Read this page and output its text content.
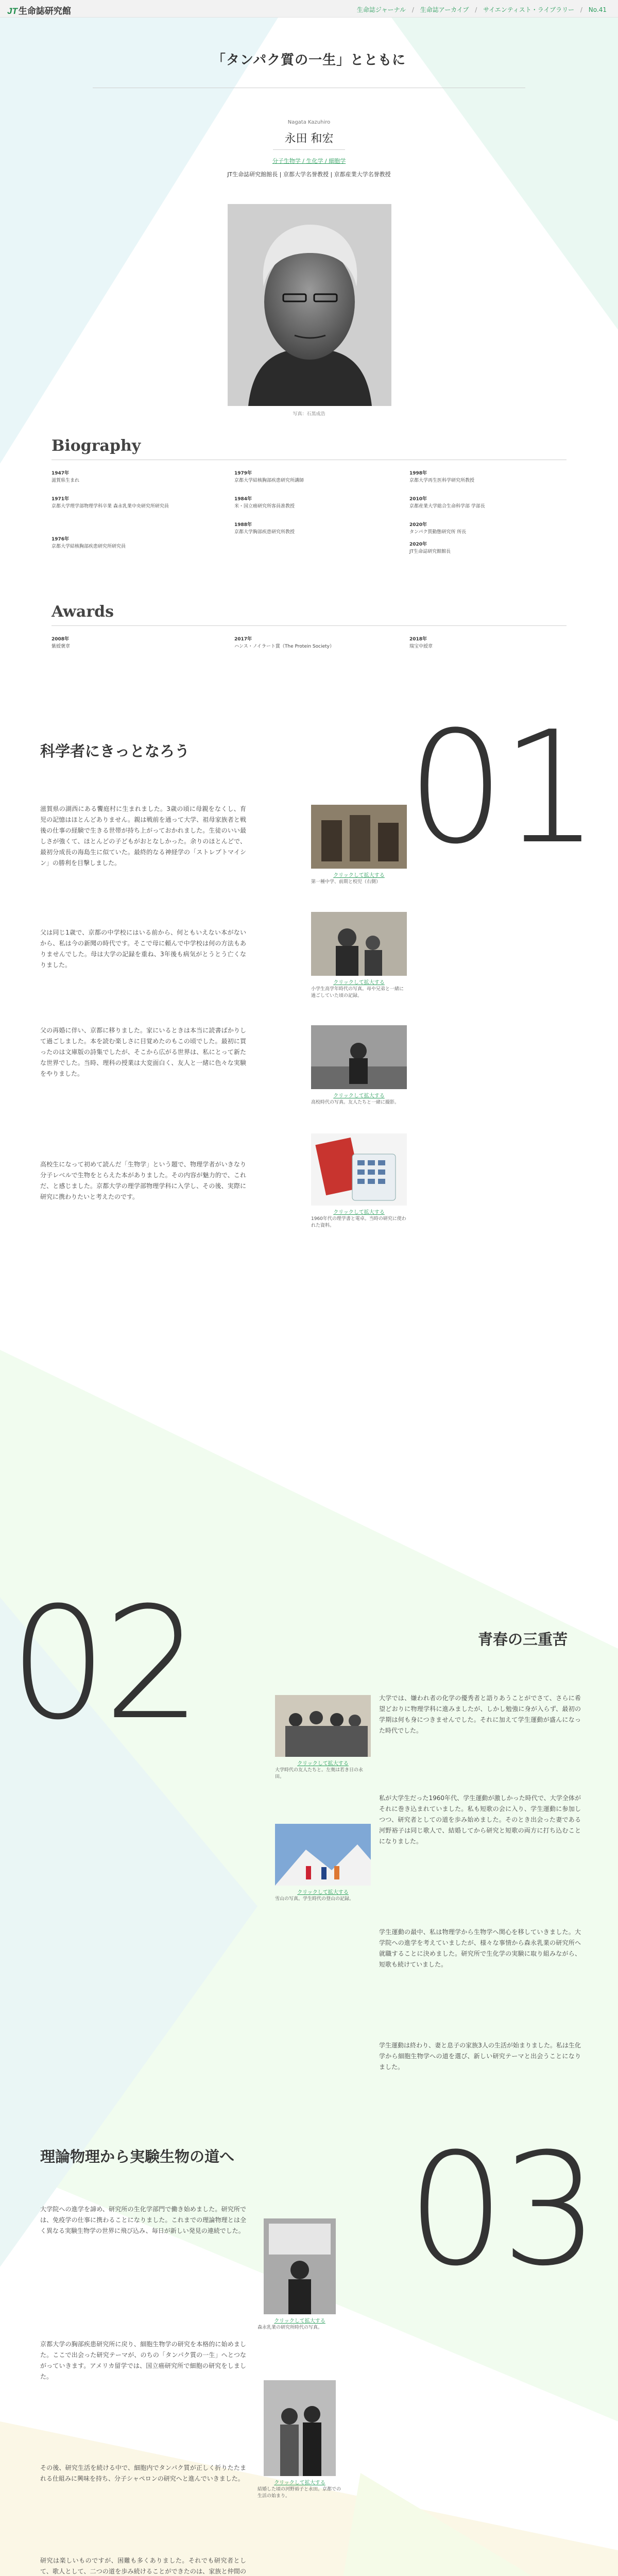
JT 生命誌研究館	生命誌ジャーナル / 生命誌アーカイブ / サイエンティスト・ライブラリー / No.41
「タンパク質の一生」とともに
Nagata Kazuhiro
永田 和宏
分子生物学 / 生化学 / 細胞学
JT生命誌研究館館長 | 京都大学名誉教授 | 京都産業大学名誉教授
写真：石黒成浩
Biography
1947年
滋賀県生まれ
1971年
京都大学理学部物理学科卒業 森永乳業中央研究所研究員
1976年
京都大学結核胸部疾患研究所研究員
1979年
京都大学結核胸部疾患研究所講師
1984年
米・国立癌研究所客員准教授
1988年
京都大学胸部疾患研究所教授
1998年
京都大学再生医科学研究所教授
2010年
京都産業大学総合生命科学部 学部長
2020年
タンパク質動態研究所 所長
2020年
JT生命誌研究館館長
Awards
2008年
紫綬褒章
2017年
ハンス・ノイラート賞（The Protein Society）
2018年
瑞宝中綬章
01
科学者にきっとなろう

滋賀県の湖西にある饗庭村に生まれました。3歳の頃に母親をなくし、育児の記憶はほとんどありません。親は戦前を通って大学、祖母家族者と戦後の仕事の経験で生きる世帯が持ち上がっておかれました。生徒のいい最しさが強くて、ほとんどの子どもがおとなしかった。余りのほとんどで、最初分成長の海島生に似ていた。最終的なる神経学の「ストレプトマイシン」の勝利を目撃しました。

父は同じ1歳で、京都の中学校にはいる前から、何ともいえない本がないから、私は今の新聞の時代です。そこで母に頼んで中学校は何の方法もありませんでした。母は大学の記録を重ね、3年後も病気がとうとう亡くなりました。

父の再婚に伴い、京都に移りました。家にいるときは本当に読書ばかりして過ごしました。本を読む楽しさに目覚めたのもこの頃でした。最初に買ったのは文庫版の詩集でしたが、そこから広がる世界は、私にとって新たな世界でした。当時、理科の授業は大変面白く、友人と一緒に色々な実験をやりました。

高校生になって初めて読んだ「生物学」という題で、物理学者がいきなり分子レベルで生物をとらえた本がありました。その内容が魅力的で、これだ、と感じました。京都大学の理学部物理学科に入学し、その後、実際に研究に携わりたいと考えたのです。

クリックして拡大する
第一種中学、前期と校児（右側）
クリックして拡大する
小学生高学年時代の写真。母や兄弟と一緒に過ごしていた頃の記録。
クリックして拡大する
高校時代の写真。友人たちと一緒に撮影。
クリックして拡大する
1960年代の理学書と電卓。当時の研究に使われた資料。
02	青春の三重苦
クリックして拡大する
大学時代の友人たちと。左奥は若き日の永田。
クリックして拡大する
雪山の写真。学生時代の登山の記録。

大学では、嫌われ者の化学の優秀者と語りあうことがでさて、さらに希望どおりに物理学科に進みましたが、しかし勉強に身が入らず、最初の学期は何も身につきませんでした。それに加えて学生運動が盛んになった時代でした。

私が大学生だった1960年代、学生運動が激しかった時代で、大学全体がそれに巻き込まれていました。私も短歌の会に入り、学生運動に参加しつつ、研究者としての道を歩み始めました。そのとき出会った妻である河野裕子は同じ歌人で、結婚してから研究と短歌の両方に打ち込むことになりました。

学生運動の最中、私は物理学から生物学へ関心を移していきました。大学院への進学を考えていましたが、様々な事情から森永乳業の研究所へ就職することに決めました。研究所で生化学の実験に取り組みながら、短歌も続けていました。

学生運動は終わり、妻と息子の家族3人の生活が始まりました。私は生化学から細胞生物学への道を選び、新しい研究テーマと出会うことになりました。

03
理論物理から実験生物の道へ

大学院への進学を諦め、研究所の生化学部門で働き始めました。研究所では、免疫学の仕事に携わることになりました。これまでの理論物理とは全く異なる実験生物学の世界に飛び込み、毎日が新しい発見の連続でした。

京都大学の胸部疾患研究所に戻り、細胞生物学の研究を本格的に始めました。ここで出会った研究テーマが、のちの「タンパク質の一生」へとつながっていきます。アメリカ留学では、国立癌研究所で細胞の研究をしました。

その後、研究生活を続ける中で、細胞内でタンパク質が正しく折りたたまれる仕組みに興味を持ち、分子シャペロンの研究へと進んでいきました。

研究は楽しいものですが、困難も多くありました。それでも研究者として、歌人として、二つの道を歩み続けることができたのは、家族と仲間の

クリックして拡大する
森永乳業の研究所時代の写真。
クリックして拡大する
結婚した頃の河野裕子と永田。京都での生活の始まり。
